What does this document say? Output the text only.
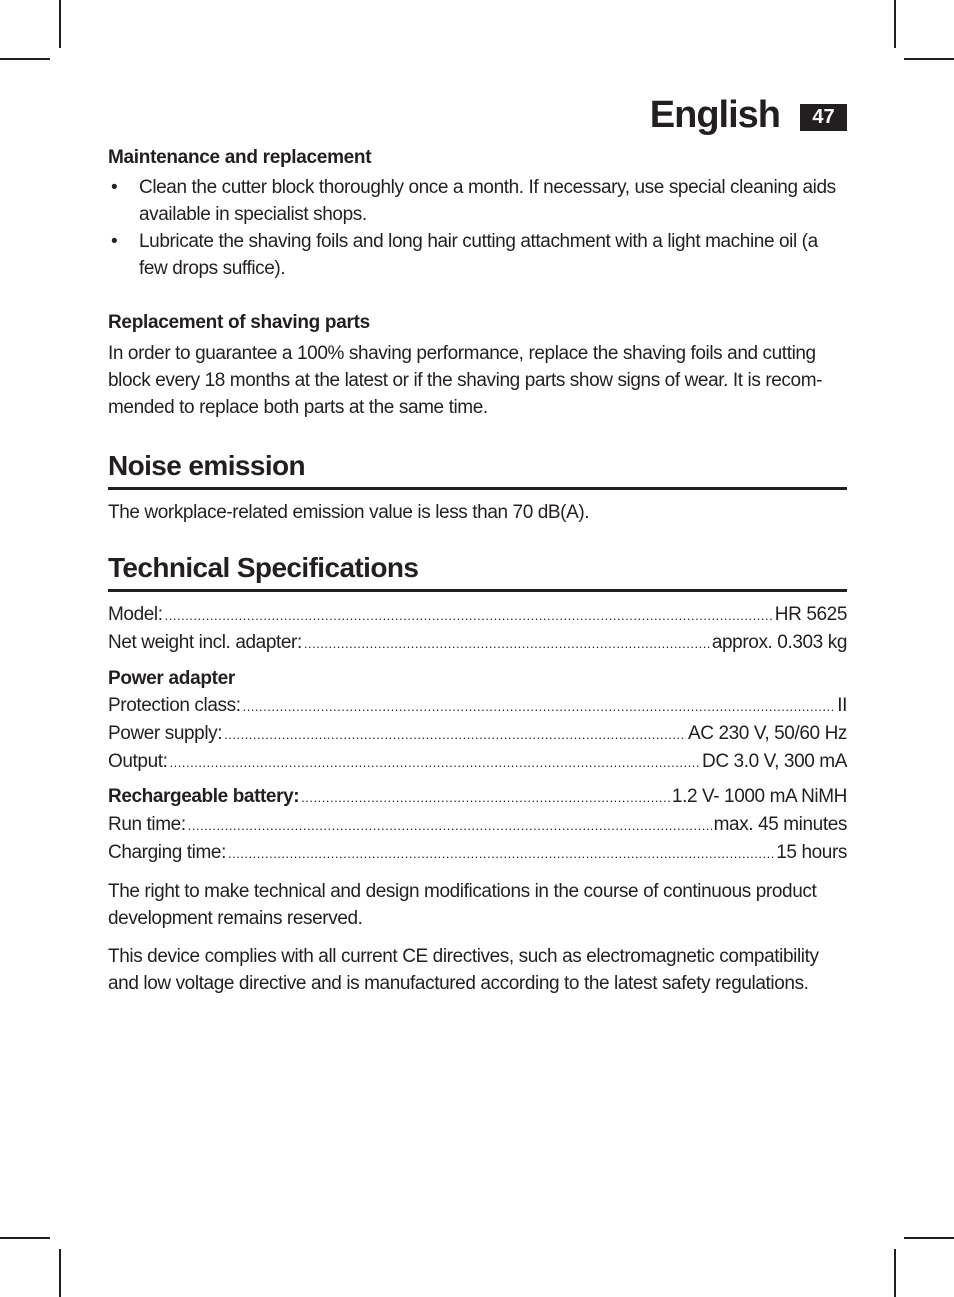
English	47

Maintenance and replacement

• Clean the cutter block thoroughly once a month. If necessary, use special cleaning aids available in specialist shops.
• Lubricate the shaving foils and long hair cutting attachment with a light machine oil (a few drops suffice).

Replacement of shaving parts

In order to guarantee a 100% shaving performance, replace the shaving foils and cutting block every 18 months at the latest or if the shaving parts show signs of wear. It is recom-mended to replace both parts at the same time.

Noise emission

The workplace-related emission value is less than 70 dB(A).

Technical Specifications
Model: .....	HR 5625
Net weight incl. adapter: .....	approx. 0.303 kg

Power adapter

Protection class: .....	II
Power supply: .....	AC 230 V, 50/60 Hz
Output: .....	DC 3.0 V, 300 mA
Rechargeable battery: .....	1.2 V- 1000 mA NiMH
Run time: .....	max. 45 minutes
Charging time: .....	15 hours

The right to make technical and design modifications in the course of continuous product development remains reserved.

This device complies with all current CE directives, such as electromagnetic compatibility and low voltage directive and is manufactured according to the latest safety regulations.
